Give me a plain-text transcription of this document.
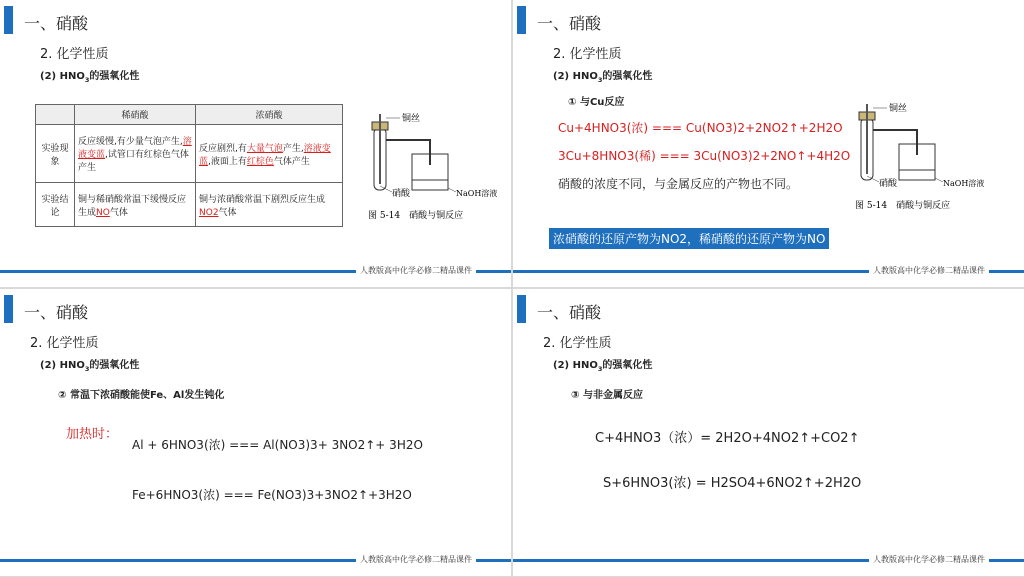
一、硝酸
2. 化学性质
(2) $HNO_3$的强氧化性
	稀硝酸	浓硝酸
实验现象	反应缓慢,有少量气泡产生,溶液变蓝,试管口有红棕色气体产生	反应剧烈,有大量气泡产生,溶液变蓝,液面上有红棕色气体产生
实验结论	铜与稀硝酸常温下缓慢反应生成NO气体	铜与浓硝酸常温下剧烈反应生成NO2气体
铜丝
硝酸	NaOH溶液
图 5-14　硝酸与铜反应
人教版高中化学必修二精品课件
一、硝酸
2. 化学性质
(2) $HNO_3$的强氧化性
① 与Cu反应
Cu+4HNO3(浓) === Cu(NO3)2+2NO2↑+2H2O
3Cu+8HNO3(稀) === 3Cu(NO3)2+2NO↑+4H2O
硝酸的浓度不同，与金属反应的产物也不同。
浓硝酸的还原产物为NO2，稀硝酸的还原产物为NO
铜丝
硝酸	NaOH溶液
图 5-14　硝酸与铜反应
人教版高中化学必修二精品课件
一、硝酸
2. 化学性质
(2) $HNO_3$的强氧化性
② 常温下浓硝酸能使Fe、Al发生钝化
加热时：
Al + 6HNO3(浓) === Al(NO3)3+ 3NO2↑+ 3H2O
Fe+6HNO3(浓) === Fe(NO3)3+3NO2↑+3H2O
人教版高中化学必修二精品课件
一、硝酸
2. 化学性质
(2) $HNO_3$的强氧化性
③ 与非金属反应
C+4HNO3（浓）= 2H2O+4NO2↑+CO2↑
S+6HNO3(浓) = H2SO4+6NO2↑+2H2O
人教版高中化学必修二精品课件
